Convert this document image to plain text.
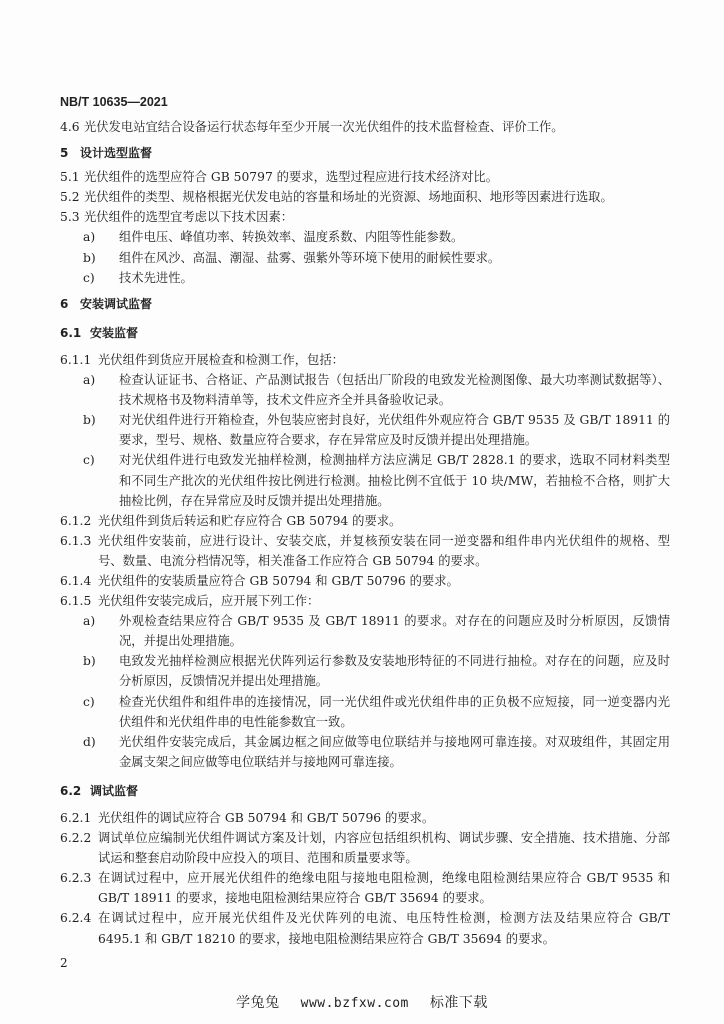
NB/T 10635—2021
4.6 光伏发电站宜结合设备运行状态每年至少开展一次光伏组件的技术监督检查、评价工作。
5 设计选型监督
5.1 光伏组件的选型应符合 GB 50797 的要求，选型过程应进行技术经济对比。
5.2 光伏组件的类型、规格根据光伏发电站的容量和场址的光资源、场地面积、地形等因素进行选取。
5.3 光伏组件的选型宜考虑以下技术因素：
a)	组件电压、峰值功率、转换效率、温度系数、内阻等性能参数。
b)	组件在风沙、高温、潮湿、盐雾、强紫外等环境下使用的耐候性要求。
c)	技术先进性。
6 安装调试监督
6.1 安装监督
6.1.1 光伏组件到货应开展检查和检测工作，包括：
a)	检查认证证书、合格证、产品测试报告（包括出厂阶段的电致发光检测图像、最大功率测试数据等）、技术规格书及物料清单等，技术文件应齐全并具备验收记录。
b)	对光伏组件进行开箱检查，外包装应密封良好，光伏组件外观应符合 GB/T 9535 及 GB/T 18911 的要求，型号、规格、数量应符合要求，存在异常应及时反馈并提出处理措施。
c)	对光伏组件进行电致发光抽样检测，检测抽样方法应满足 GB/T 2828.1 的要求，选取不同材料类型和不同生产批次的光伏组件按比例进行检测。抽检比例不宜低于 10 块/MW，若抽检不合格，则扩大抽检比例，存在异常应及时反馈并提出处理措施。
6.1.2 光伏组件到货后转运和贮存应符合 GB 50794 的要求。
6.1.3 光伏组件安装前，应进行设计、安装交底，并复核预安装在同一逆变器和组件串内光伏组件的规格、型号、数量、电流分档情况等，相关准备工作应符合 GB 50794 的要求。
6.1.4 光伏组件的安装质量应符合 GB 50794 和 GB/T 50796 的要求。
6.1.5 光伏组件安装完成后，应开展下列工作：
a)	外观检查结果应符合 GB/T 9535 及 GB/T 18911 的要求。对存在的问题应及时分析原因，反馈情况，并提出处理措施。
b)	电致发光抽样检测应根据光伏阵列运行参数及安装地形特征的不同进行抽检。对存在的问题，应及时分析原因，反馈情况并提出处理措施。
c)	检查光伏组件和组件串的连接情况，同一光伏组件或光伏组件串的正负极不应短接，同一逆变器内光伏组件和光伏组件串的电性能参数宜一致。
d)	光伏组件安装完成后，其金属边框之间应做等电位联结并与接地网可靠连接。对双玻组件，其固定用金属支架之间应做等电位联结并与接地网可靠连接。
6.2 调试监督
6.2.1 光伏组件的调试应符合 GB 50794 和 GB/T 50796 的要求。
6.2.2 调试单位应编制光伏组件调试方案及计划，内容应包括组织机构、调试步骤、安全措施、技术措施、分部试运和整套启动阶段中应投入的项目、范围和质量要求等。
6.2.3 在调试过程中，应开展光伏组件的绝缘电阻与接地电阻检测，绝缘电阻检测结果应符合 GB/T 9535 和 GB/T 18911 的要求，接地电阻检测结果应符合 GB/T 35694 的要求。
6.2.4 在调试过程中，应开展光伏组件及光伏阵列的电流、电压特性检测，检测方法及结果应符合 GB/T 6495.1 和 GB/T 18210 的要求，接地电阻检测结果应符合 GB/T 35694 的要求。
2
学兔兔 www.bzfxw.com 标准下载
